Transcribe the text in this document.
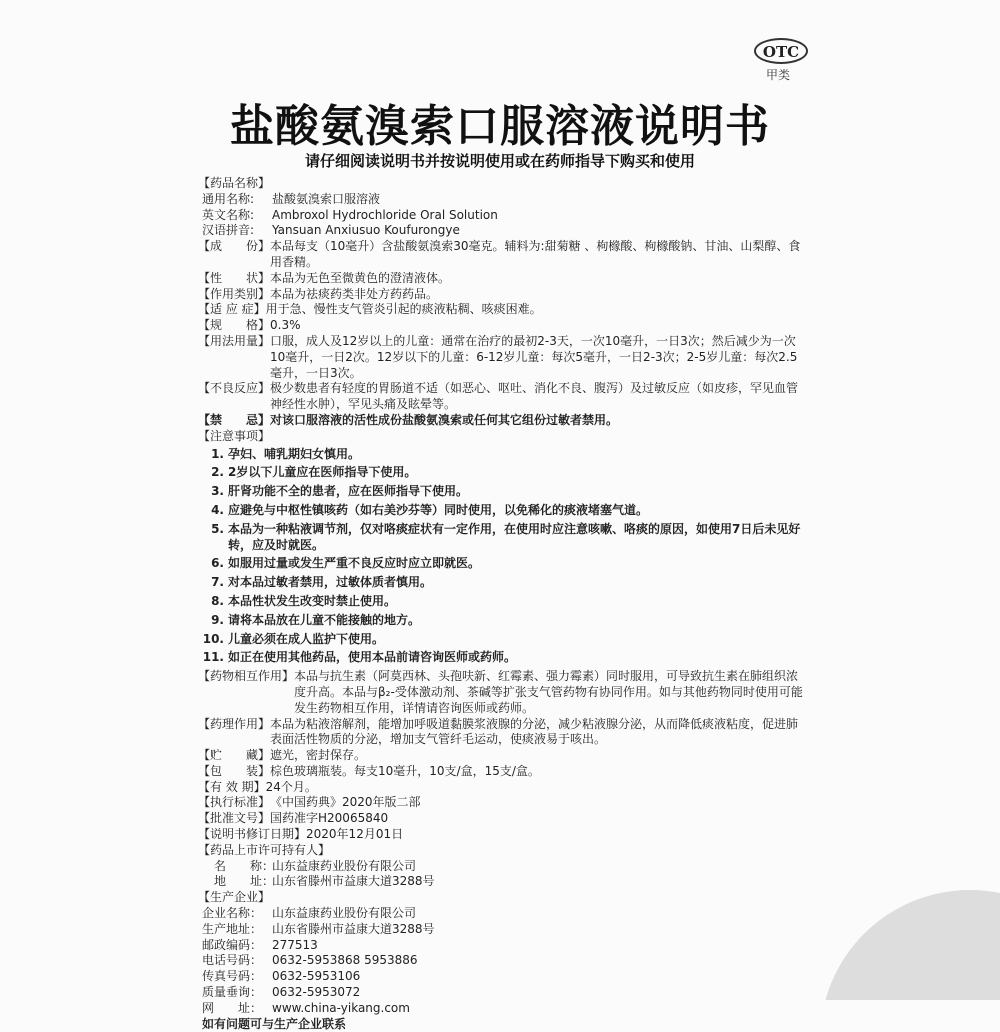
OTC
甲类
盐酸氨溴索口服溶液说明书
请仔细阅读说明书并按说明使用或在药师指导下购买和使用
【药品名称】
通用名称:	盐酸氨溴索口服溶液
英文名称:	Ambroxol Hydrochloride Oral Solution
汉语拼音:	Yansuan Anxiusuo Koufurongye
【成　　份】 本品每支（10毫升）含盐酸氨溴索30毫克。辅料为:甜菊糖 、枸橼酸、枸橼酸钠、甘油、山梨醇、食用香精。
【性　　状】 本品为无色至微黄色的澄清液体。
【作用类别】 本品为祛痰药类非处方药药品。
【适 应 症】 用于急、慢性支气管炎引起的痰液粘稠、咳痰困难。
【规　　格】 0.3%
【用法用量】 口服，成人及12岁以上的儿童：通常在治疗的最初2-3天，一次10毫升，一日3次；然后减少为一次10毫升，一日2次。12岁以下的儿童：6-12岁儿童：每次5毫升，一日2-3次；2-5岁儿童：每次2.5毫升，一日3次。
【不良反应】 极少数患者有轻度的胃肠道不适（如恶心、呕吐、消化不良、腹泻）及过敏反应（如皮疹，罕见血管神经性水肿），罕见头痛及眩晕等。
【禁　　忌】 对该口服溶液的活性成份盐酸氨溴索或任何其它组份过敏者禁用。
【注意事项】
1. 孕妇、哺乳期妇女慎用。
2. 2岁以下儿童应在医师指导下使用。
3. 肝肾功能不全的患者，应在医师指导下使用。
4. 应避免与中枢性镇咳药（如右美沙芬等）同时使用，以免稀化的痰液堵塞气道。
5. 本品为一种粘液调节剂，仅对咯痰症状有一定作用，在使用时应注意咳嗽、咯痰的原因，如使用7日后未见好转，应及时就医。
6. 如服用过量或发生严重不良反应时应立即就医。
7. 对本品过敏者禁用，过敏体质者慎用。
8. 本品性状发生改变时禁止使用。
9. 请将本品放在儿童不能接触的地方。
10. 儿童必须在成人监护下使用。
11. 如正在使用其他药品，使用本品前请咨询医师或药师。
【药物相互作用】 本品与抗生素（阿莫西林、头孢呋新、红霉素、强力霉素）同时服用，可导致抗生素在肺组织浓度升高。本品与β₂-受体激动剂、茶碱等扩张支气管药物有协同作用。如与其他药物同时使用可能发生药物相互作用，详情请咨询医师或药师。
【药理作用】 本品为粘液溶解剂，能增加呼吸道黏膜浆液腺的分泌，减少粘液腺分泌，从而降低痰液粘度，促进肺表面活性物质的分泌，增加支气管纤毛运动，使痰液易于咳出。
【贮　　藏】 遮光，密封保存。
【包　　装】 棕色玻璃瓶装。每支10毫升，10支/盒，15支/盒。
【有 效 期】 24个月。
【执行标准】 《中国药典》2020年版二部
【批准文号】 国药准字H20065840
【说明书修订日期】 2020年12月01日
【药品上市许可持有人】
　名　　称：
山东益康药业股份有限公司
　地　　址：
山东省滕州市益康大道3288号
【生产企业】
企业名称： 山东益康药业股份有限公司
生产地址： 山东省滕州市益康大道3288号
邮政编码： 277513
电话号码： 0632-5953868 5953886
传真号码： 0632-5953106
质量垂询： 0632-5953072
网　　址： www.china-yikang.com
如有问题可与生产企业联系
